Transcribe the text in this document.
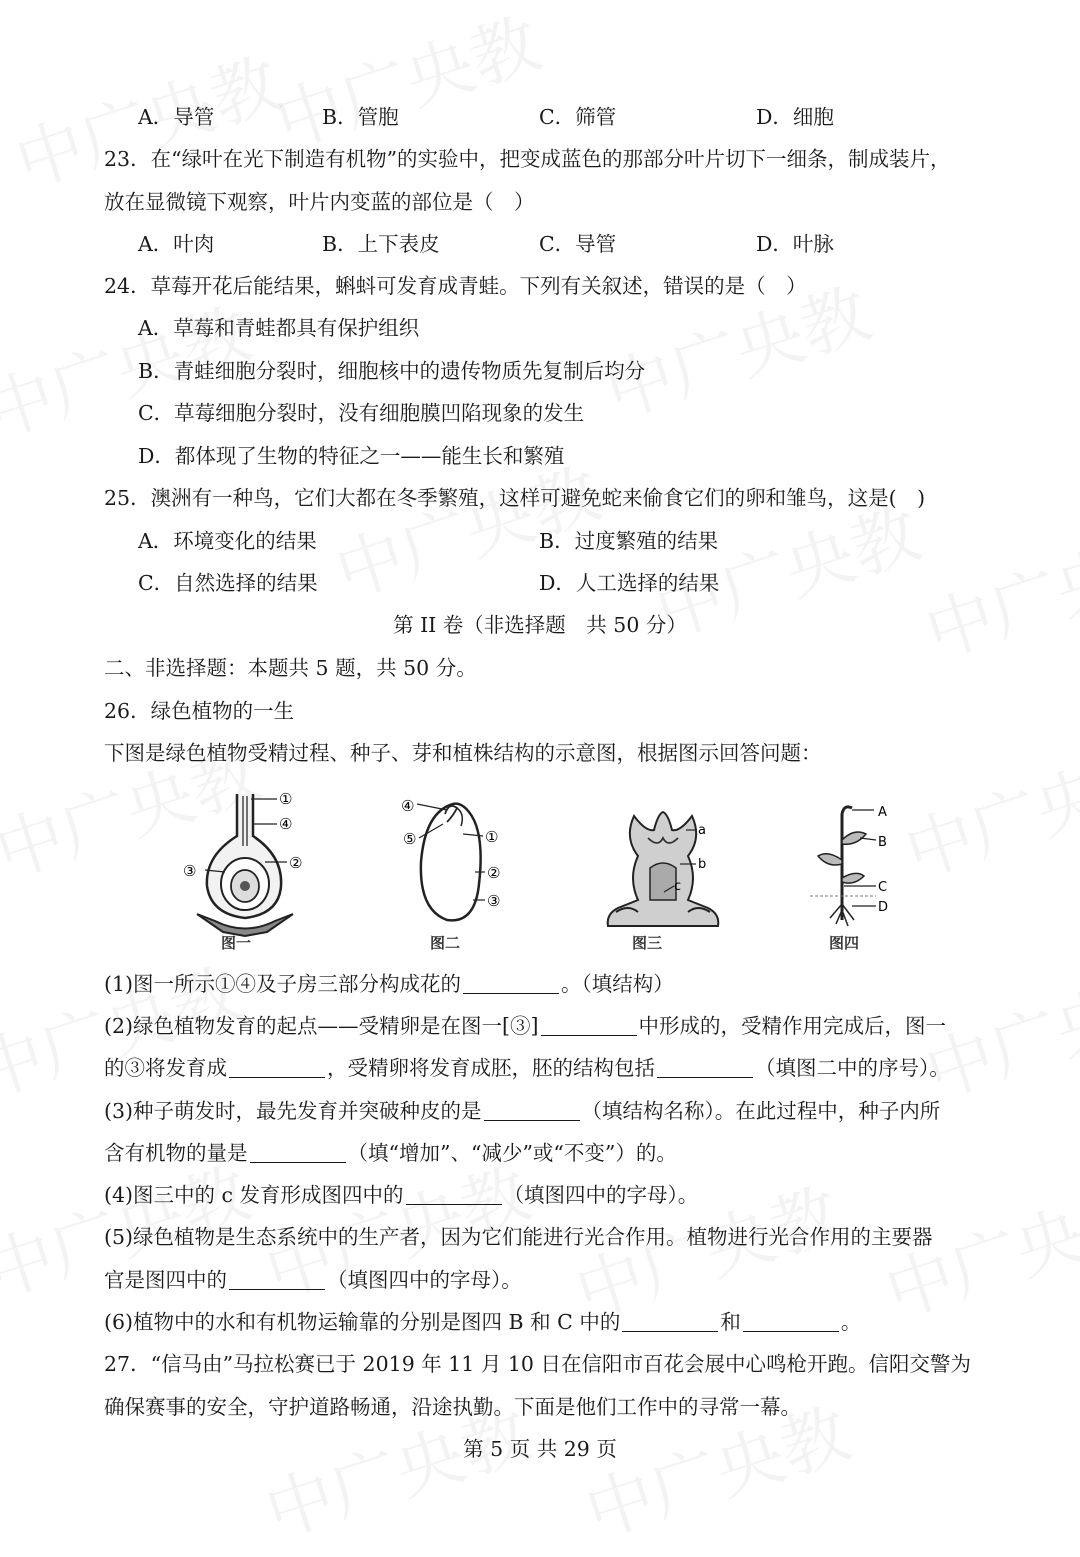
A．导管	B．管胞	C．筛管	D．细胞
23．在“绿叶在光下制造有机物”的实验中，把变成蓝色的那部分叶片切下一细条，制成装片，
放在显微镜下观察，叶片内变蓝的部位是（　）
A．叶肉	B．上下表皮	C．导管	D．叶脉
24．草莓开花后能结果，蝌蚪可发育成青蛙。下列有关叙述，错误的是（　）
A．草莓和青蛙都具有保护组织
B．青蛙细胞分裂时，细胞核中的遗传物质先复制后均分
C．草莓细胞分裂时，没有细胞膜凹陷现象的发生
D．都体现了生物的特征之一——能生长和繁殖
25．澳洲有一种鸟，它们大都在冬季繁殖，这样可避免蛇来偷食它们的卵和雏鸟，这是(　)
A．环境变化的结果	B．过度繁殖的结果
C．自然选择的结果	D．人工选择的结果
第 II 卷（非选择题　共 50 分）
二、非选择题：本题共 5 题，共 50 分。
26．绿色植物的一生
下图是绿色植物受精过程、种子、芽和植株结构的示意图，根据图示回答问题：
①
④
②
③
图一
④
⑤	①
②
③
图二
a
b
c
图三
A
B
C
D
图四
(1)图一所示①④及子房三部分构成花的	。（填结构）
(2)绿色植物发育的起点——受精卵是在图一[③]	中形成的，受精作用完成后，图一
的③将发育成	，受精卵将发育成胚，胚的结构包括	（填图二中的序号）。
(3)种子萌发时，最先发育并突破种皮的是	（填结构名称）。在此过程中，种子内所
含有机物的量是	（填“增加”、“减少”或“不变”）的。
(4)图三中的 c 发育形成图四中的	（填图四中的字母）。
(5)绿色植物是生态系统中的生产者，因为它们能进行光合作用。植物进行光合作用的主要器
官是图四中的	（填图四中的字母）。
(6)植物中的水和有机物运输靠的分别是图四 B 和 C 中的	和	。
27．“信马由”马拉松赛已于 2019 年 11 月 10 日在信阳市百花会展中心鸣枪开跑。信阳交警为
确保赛事的安全，守护道路畅通，沿途执勤。下面是他们工作中的寻常一幕。
第 5 页 共 29 页
